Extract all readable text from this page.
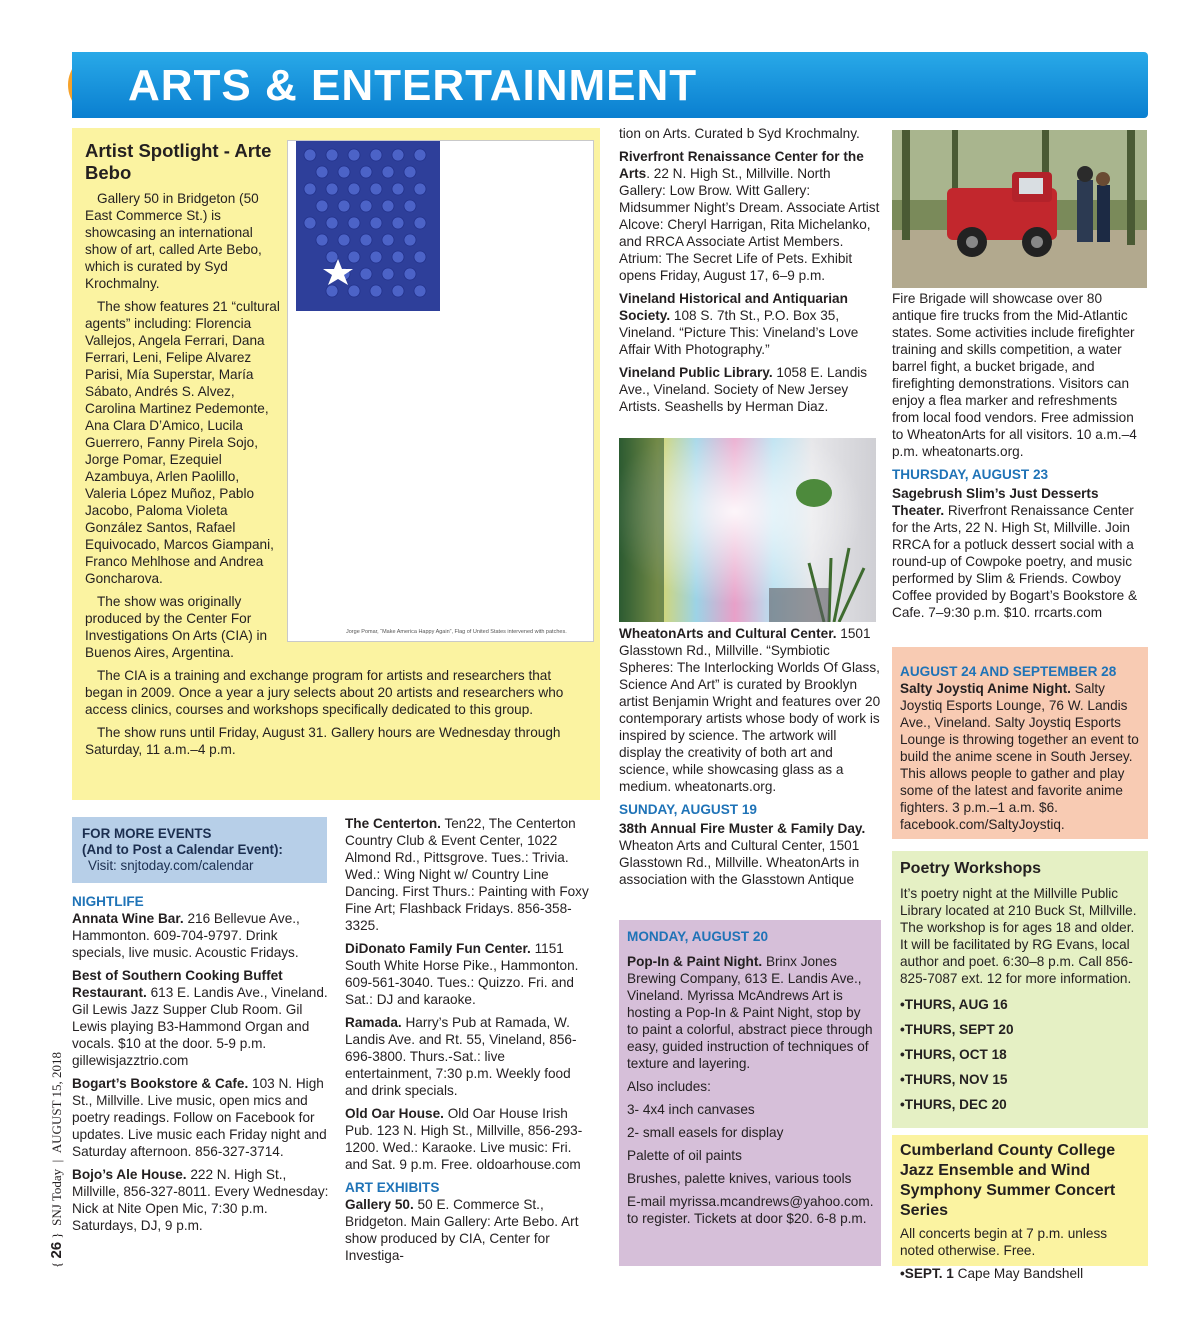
ARTS & ENTERTAINMENT
Artist Spotlight - Arte Bebo

Gallery 50 in Bridgeton (50 East Commerce St.) is showcasing an international show of art, called Arte Bebo, which is curated by Syd Krochmalny.

The show features 21 “cultural agents” including: Florencia Vallejos, Angela Ferrari, Dana Ferrari, Leni, Felipe Alvarez Parisi, Mía Superstar, María Sábato, Andrés S. Alvez, Carolina Martinez Pedemonte, Ana Clara D’Amico, Lucila Guerrero, Fanny Pirela Sojo, Jorge Pomar, Ezequiel Azambuya, Arlen Paolillo, Valeria López Muñoz, Pablo Jacobo, Paloma Violeta González Santos, Rafael Equivocado, Marcos Giampani, Franco Mehlhose and Andrea Goncharova.

The show was originally produced by the Center For Investigations On Arts (CIA) in Buenos Aires, Argentina.

The CIA is a training and exchange program for artists and researchers that began in 2009. Once a year a jury selects about 20 artists and researchers who access clinics, courses and workshops specifically dedicated to this group.

The show runs until Friday, August 31. Gallery hours are Wednesday through Saturday, 11 a.m.–4 p.m.

Jorge Pomar, “Make America Happy Again”, Flag of United States intervened with patches.
FOR MORE EVENTS
(And to Post a Calendar Event):
Visit: snjtoday.com/calendar
NIGHTLIFE

Annata Wine Bar. 216 Bellevue Ave., Hammonton. 609-704-9797. Drink specials, live music. Acoustic Fridays.

Best of Southern Cooking Buffet Restaurant. 613 E. Landis Ave., Vineland. Gil Lewis Jazz Supper Club Room. Gil Lewis playing B3-Hammond Organ and vocals. $10 at the door. 5-9 p.m. gillewisjazztrio.com

Bogart’s Bookstore & Cafe. 103 N. High St., Millville. Live music, open mics and poetry readings. Follow on Facebook for updates. Live music each Friday night and Saturday afternoon. 856-327-3714.

Bojo’s Ale House. 222 N. High St., Millville, 856-327-8011. Every Wednesday: Nick at Nite Open Mic, 7:30 p.m. Saturdays, DJ, 9 p.m.

The Centerton. Ten22, The Centerton Country Club & Event Center, 1022 Almond Rd., Pittsgrove. Tues.: Trivia. Wed.: Wing Night w/ Country Line Dancing. First Thurs.: Painting with Foxy Fine Art; Flashback Fridays. 856-358-3325.

DiDonato Family Fun Center. 1151 South White Horse Pike., Hammonton. 609-561-3040. Tues.: Quizzo. Fri. and Sat.: DJ and karaoke.

Ramada. Harry’s Pub at Ramada, W. Landis Ave. and Rt. 55, Vineland, 856-696-3800. Thurs.-Sat.: live entertainment, 7:30 p.m. Weekly food and drink specials.

Old Oar House. Old Oar House Irish Pub. 123 N. High St., Millville, 856-293-1200. Wed.: Karaoke. Live music: Fri. and Sat. 9 p.m. Free. oldoarhouse.com

ART EXHIBITS

Gallery 50. 50 E. Commerce St., Bridgeton. Main Gallery: Arte Bebo. Art show produced by CIA, Center for Investiga-

tion on Arts. Curated b Syd Krochmalny.

Riverfront Renaissance Center for the Arts. 22 N. High St., Millville. North Gallery: Low Brow. Witt Gallery: Midsummer Night’s Dream. Associate Artist Alcove: Cheryl Harrigan, Rita Michelanko, and RRCA Associate Artist Members. Atrium: The Secret Life of Pets. Exhibit opens Friday, August 17, 6–9 p.m.

Vineland Historical and Antiquarian Society. 108 S. 7th St., P.O. Box 35, Vineland. “Picture This: Vineland’s Love Affair With Photography.”

Vineland Public Library. 1058 E. Landis Ave., Vineland. Society of New Jersey Artists. Seashells by Herman Diaz.

WheatonArts and Cultural Center. 1501 Glasstown Rd., Millville. “Symbiotic Spheres: The Interlocking Worlds Of Glass, Science And Art” is curated by Brooklyn artist Benjamin Wright and features over 20 contemporary artists whose body of work is inspired by science. The artwork will display the creativity of both art and science, while showcasing glass as a medium. wheatonarts.org.

SUNDAY, AUGUST 19

38th Annual Fire Muster & Family Day. Wheaton Arts and Cultural Center, 1501 Glasstown Rd., Millville. WheatonArts in association with the Glasstown Antique

MONDAY, AUGUST 20

Pop-In & Paint Night. Brinx Jones Brewing Company, 613 E. Landis Ave., Vineland. Myrissa McAndrews Art is hosting a Pop-In & Paint Night, stop by to paint a colorful, abstract piece through easy, guided instruction of techniques of texture and layering.

Also includes:

3- 4x4 inch canvases

2- small easels for display

Palette of oil paints

Brushes, palette knives, various tools

E-mail myrissa.mcandrews@yahoo.com. to register. Tickets at door $20. 6-8 p.m.

Fire Brigade will showcase over 80 antique fire trucks from the Mid-Atlantic states. Some activities include firefighter training and skills competition, a water barrel fight, a bucket brigade, and firefighting demonstrations. Visitors can enjoy a flea marker and refreshments from local food vendors. Free admission to WheatonArts for all visitors. 10 a.m.–4 p.m. wheatonarts.org.

THURSDAY, AUGUST 23

Sagebrush Slim’s Just Desserts Theater. Riverfront Renaissance Center for the Arts, 22 N. High St, Millville. Join RRCA for a potluck dessert social with a round-up of Cowpoke poetry, and music performed by Slim & Friends. Cowboy Coffee provided by Bogart’s Bookstore & Cafe. 7–9:30 p.m. $10. rrcarts.com

AUGUST 24 AND SEPTEMBER 28

Salty Joystiq Anime Night. Salty Joystiq Esports Lounge, 76 W. Landis Ave., Vineland. Salty Joystiq Esports Lounge is throwing together an event to build the anime scene in South Jersey. This allows people to gather and play some of the latest and favorite anime fighters. 3 p.m.–1 a.m. $6. facebook.com/SaltyJoystiq.

Poetry Workshops

It’s poetry night at the Millville Public Library located at 210 Buck St, Millville. The workshop is for ages 18 and older. It will be facilitated by RG Evans, local author and poet. 6:30–8 p.m. Call 856-825-7087 ext. 12 for more information.

•THURS, AUG 16
•THURS, SEPT 20
•THURS, OCT 18
•THURS, NOV 15
•THURS, DEC 20
Cumberland County College Jazz Ensemble and Wind Symphony Summer Concert Series

All concerts begin at 7 p.m. unless noted otherwise. Free.

•SEPT. 1 Cape May Bandshell

{ 26 }  SNJ Today  |  AUGUST 15, 2018
